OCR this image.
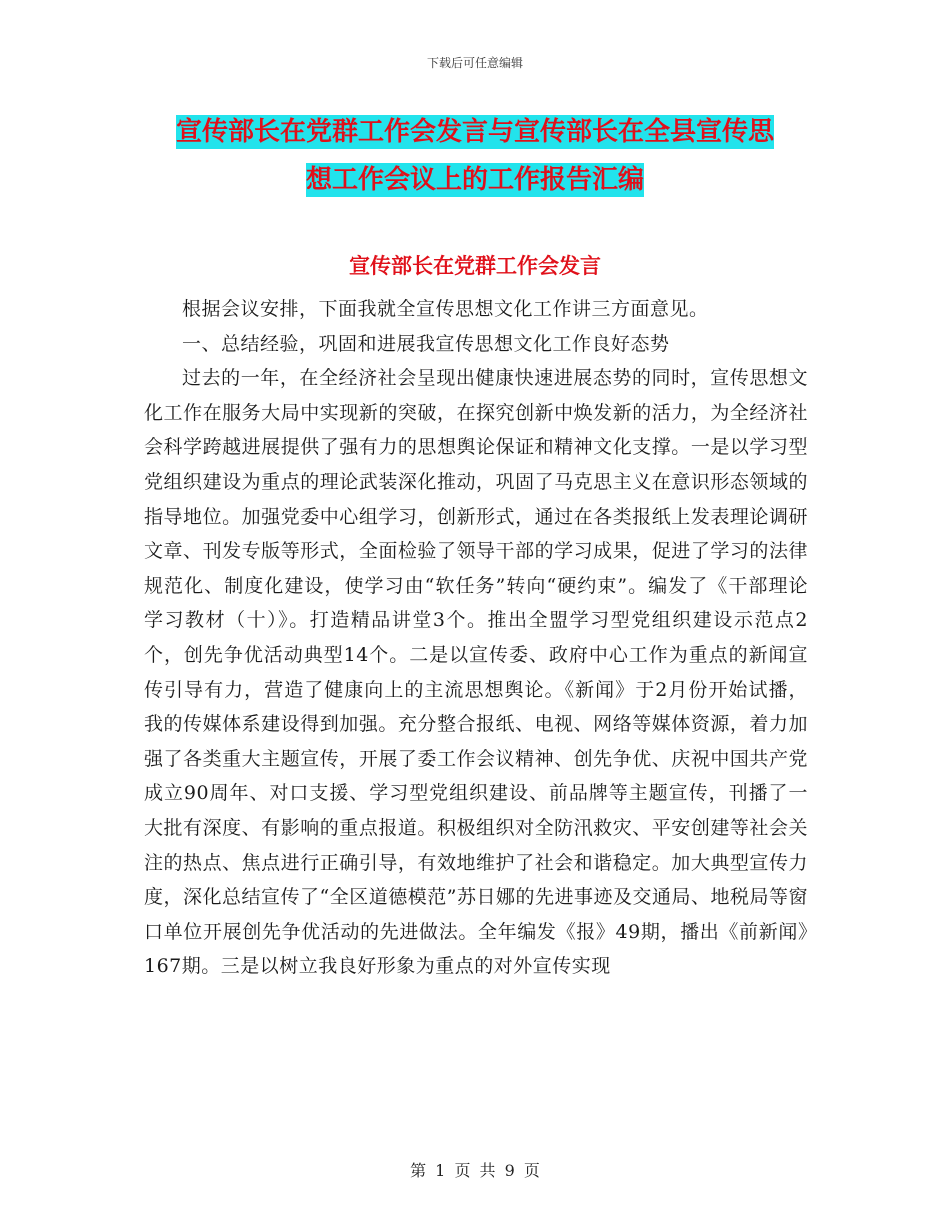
下载后可任意编辑
宣传部长在党群工作会发言与宣传部长在全县宣传思
想工作会议上的工作报告汇编
宣传部长在党群工作会发言

根据会议安排，下面我就全宣传思想文化工作讲三方面意见。

一、总结经验，巩固和进展我宣传思想文化工作良好态势

过去的一年，在全经济社会呈现出健康快速进展态势的同时，宣传思想文化工作在服务大局中实现新的突破，在探究创新中焕发新的活力，为全经济社会科学跨越进展提供了强有力的思想舆论保证和精神文化支撑。一是以学习型党组织建设为重点的理论武装深化推动，巩固了马克思主义在意识形态领域的指导地位。加强党委中心组学习，创新形式，通过在各类报纸上发表理论调研文章、刊发专版等形式，全面检验了领导干部的学习成果，促进了学习的法律规范化、制度化建设，使学习由“软任务”转向“硬约束”。编发了《干部理论学习教材（十）》。打造精品讲堂3个。推出全盟学习型党组织建设示范点2个，创先争优活动典型14个。二是以宣传委、政府中心工作为重点的新闻宣传引导有力，营造了健康向上的主流思想舆论。《新闻》于2月份开始试播，我的传媒体系建设得到加强。充分整合报纸、电视、网络等媒体资源，着力加强了各类重大主题宣传，开展了委工作会议精神、创先争优、庆祝中国共产党成立90周年、对口支援、学习型党组织建设、前品牌等主题宣传，刊播了一大批有深度、有影响的重点报道。积极组织对全防汛救灾、平安创建等社会关注的热点、焦点进行正确引导，有效地维护了社会和谐稳定。加大典型宣传力度，深化总结宣传了“全区道德模范”苏日娜的先进事迹及交通局、地税局等窗口单位开展创先争优活动的先进做法。全年编发《报》49期，播出《前新闻》167期。三是以树立我良好形象为重点的对外宣传实现

第 1 页 共 9 页
